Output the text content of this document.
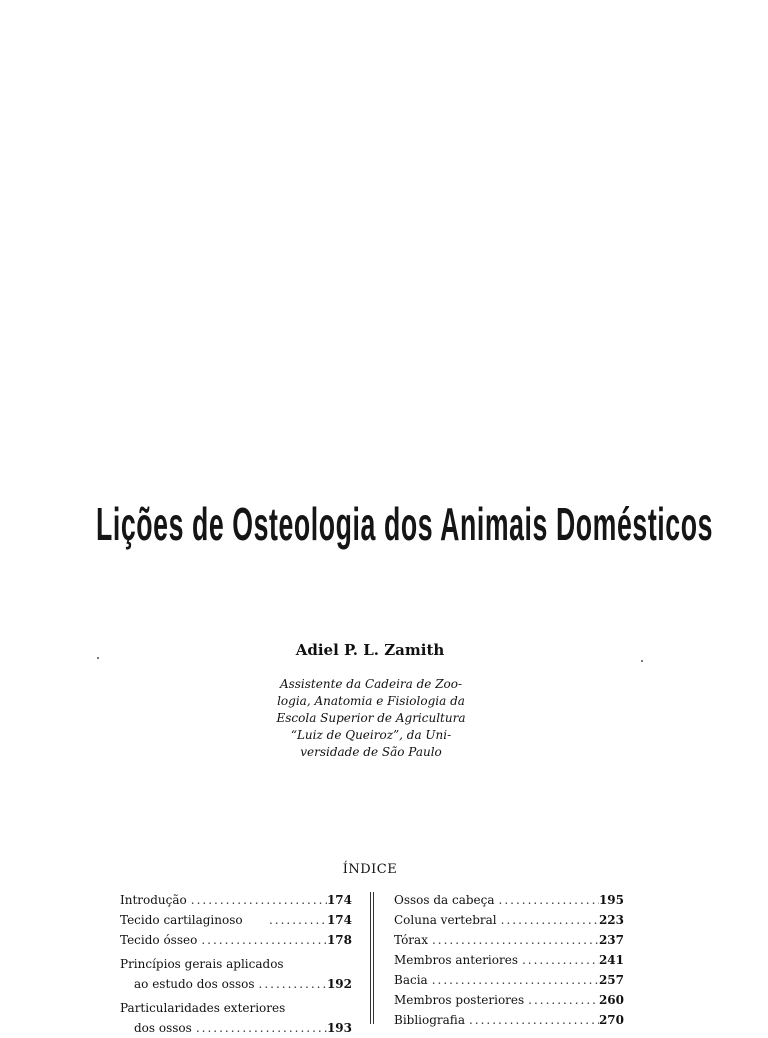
Lições de Osteologia dos Animais Domésticos
Adiel P. L. Zamith
Assistente da Cadeira de Zoo-
logia, Anatomia e Fisiologia da
Escola Superior de Agricultura
“Luiz de Queiroz”, da Uni-
versidade de São Paulo
ÍNDICE
Introdução .....	174
Tecido cartilaginoso .....	174
Tecido ósseo .....	178
Princípios gerais aplicados
ao estudo dos ossos .....	192
Particularidades exteriores
dos ossos .....	193
Ossos da cabeça .....	195
Coluna vertebral .....	223
Tórax .....	237
Membros anteriores .....	241
Bacia .....	257
Membros posteriores .....	260
Bibliografia .....	270
